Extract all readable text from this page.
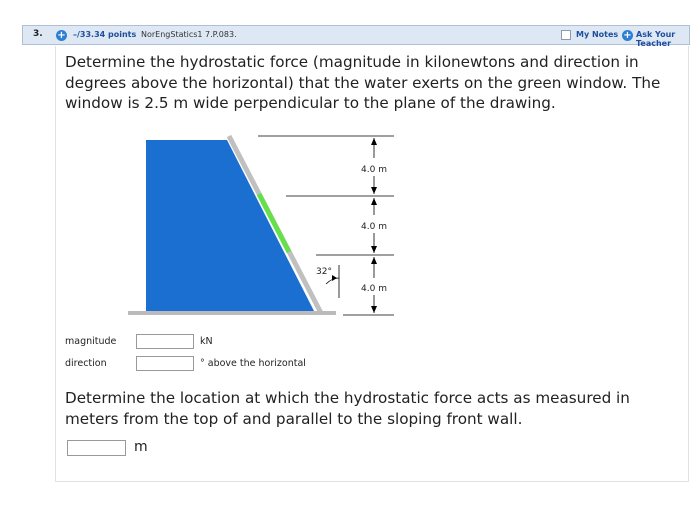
3. + –/33.34 points NorEngStatics1 7.P.083.	My Notes + Ask Your Teacher
Determine the hydrostatic force (magnitude in kilonewtons and direction in degrees above the horizontal) that the water exerts on the green window. The window is 2.5 m wide perpendicular to the plane of the drawing.
4.0 m
4.0 m
4.0 m
32°
magnitude	kN
direction	° above the horizontal
Determine the location at which the hydrostatic force acts as measured in meters from the top of and parallel to the sloping front wall.
m
